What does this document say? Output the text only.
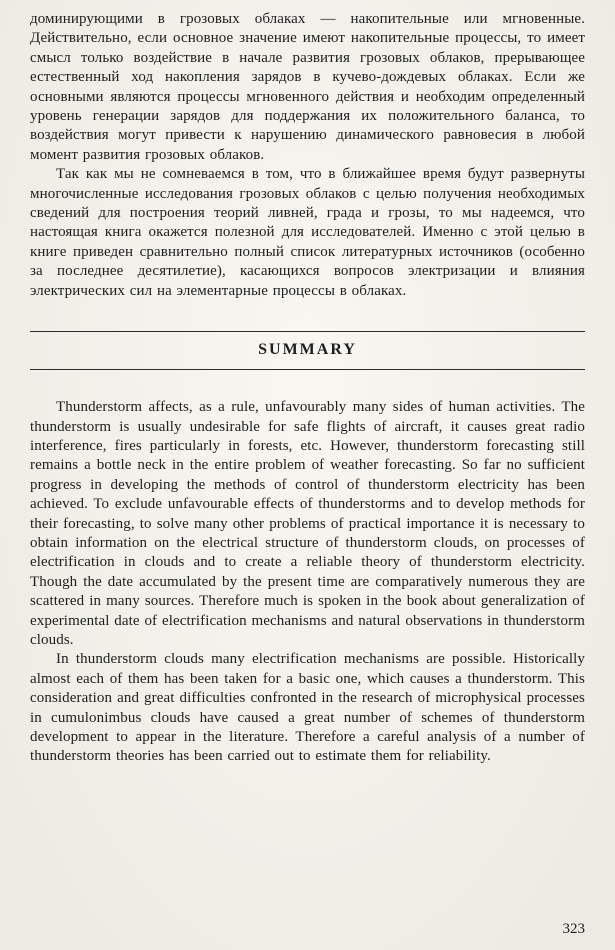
доминирующими в грозовых облаках — накопительные или мгновенные. Действительно, если основное значение имеют накопительные процессы, то имеет смысл только воздействие в начале развития грозовых облаков, прерывающее естественный ход накопления зарядов в кучево-дождевых облаках. Если же основными являются процессы мгновенного действия и необходим определенный уровень генерации зарядов для поддержания их положительного баланса, то воздействия могут привести к нарушению динамического равновесия в любой момент развития грозовых облаков.

Так как мы не сомневаемся в том, что в ближайшее время будут развернуты многочисленные исследования грозовых облаков с целью получения необходимых сведений для построения теорий ливней, града и грозы, то мы надеемся, что настоящая книга окажется полезной для исследователей. Именно с этой целью в книге приведен сравнительно полный список литературных источников (особенно за последнее десятилетие), касающихся вопросов электризации и влияния электрических сил на элементарные процессы в облаках.

SUMMARY

Thunderstorm affects, as a rule, unfavourably many sides of human activities. The thunderstorm is usually undesirable for safe flights of aircraft, it causes great radio interference, fires particularly in forests, etc. However, thunderstorm forecasting still remains a bottle neck in the entire problem of weather forecasting. So far no sufficient progress in developing the methods of control of thunderstorm electricity has been achieved. To exclude unfavourable effects of thunderstorms and to develop methods for their forecasting, to solve many other problems of practical importance it is necessary to obtain information on the electrical structure of thunderstorm clouds, on processes of electrification in clouds and to create a reliable theory of thunderstorm electricity. Though the date accumulated by the present time are comparatively numerous they are scattered in many sources. Therefore much is spoken in the book about generalization of experimental date of electrification mechanisms and natural observations in thunderstorm clouds.

In thunderstorm clouds many electrification mechanisms are possible. Historically almost each of them has been taken for a basic one, which causes a thunderstorm. This consideration and great difficulties confronted in the research of microphysical processes in cumulonimbus clouds have caused a great number of schemes of thunderstorm development to appear in the literature. Therefore a careful analysis of a number of thunderstorm theories has been carried out to estimate them for reliability.

323
